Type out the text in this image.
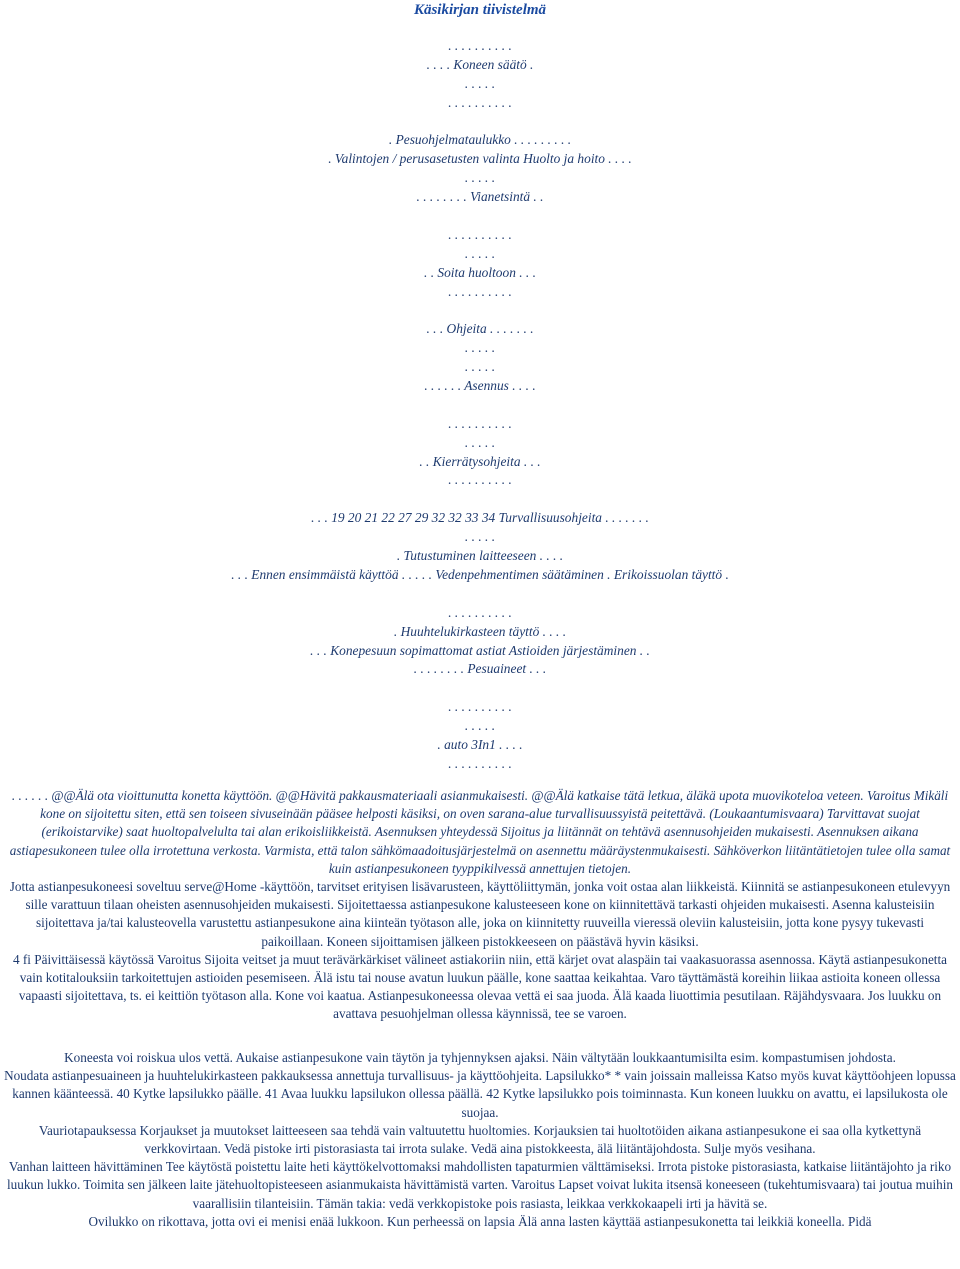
Käsikirjan tiivistelmä
. . . . . . . . . .
. . . . Koneen säätö .
. . . . .
. . . . . . . . . .
. Pesuohjelmataulukko . . . . . . . . .
. Valintojen / perusasetusten valinta Huolto ja hoito . . . .
. . . . .
. . . . . . . . Vianetsintä . .
. . . . . . . . . .
. . . . .
. . Soita huoltoon . . .
. . . . . . . . . .
. . . Ohjeita . . . . . . .
. . . . .
. . . . .
. . . . . . Asennus . . . .
. . . . . . . . . .
. . . . .
. . Kierrätysohjeita . . .
. . . . . . . . . .
. . . 19 20 21 22 27 29 32 32 33 34 Turvallisuusohjeita . . . . . . .
. . . . .
. Tutustuminen laitteeseen . . . .
. . . Ennen ensimmäistä käyttöä . . . . . Vedenpehmentimen säätäminen . Erikoissuolan täyttö .
. . . . . . . . . .
. Huuhtelukirkasteen täyttö . . . .
. . . Konepesuun sopimattomat astiat Astioiden järjestäminen . .
. . . . . . . . Pesuaineet . . .
. . . . . . . . . .
. . . . .
. auto 3In1 . . . .
. . . . . . . . . .

. . . . . . @@Älä ota vioittunutta konetta käyttöön. @@Hävitä pakkausmateriaali asianmukaisesti. @@Älä katkaise tätä letkua, äläkä upota muovikoteloa veteen. Varoitus Mikäli kone on sijoitettu siten, että sen toiseen sivuseinään pääsee helposti käsiksi, on oven sarana-alue turvallisuussyistä peitettävä. (Loukaantumisvaara) Tarvittavat suojat (erikoistarvike) saat huoltopalvelulta tai alan erikoisliikkeistä. Asennuksen yhteydessä Sijoitus ja liitännät on tehtävä asennusohjeiden mukaisesti. Asennuksen aikana astiapesukoneen tulee olla irrotettuna verkosta. Varmista, että talon sähkömaadoitusjärjestelmä on asennettu määräystenmukaisesti. Sähköverkon liitäntätietojen tulee olla samat kuin astianpesukoneen tyyppikilvessä annettujen tietojen.

Jotta astianpesukoneesi soveltuu serve@Home -käyttöön, tarvitset erityisen lisävarusteen, käyttöliittymän, jonka voit ostaa alan liikkeistä. Kiinnitä se astianpesukoneen etulevyyn sille varattuun tilaan oheisten asennusohjeiden mukaisesti. Sijoitettaessa astianpesukone kalusteeseen kone on kiinnitettävä tarkasti ohjeiden mukaisesti. Asenna kalusteisiin sijoitettava ja/tai kalusteovella varustettu astianpesukone aina kiinteän työtason alle, joka on kiinnitetty ruuveilla vieressä oleviin kalusteisiin, jotta kone pysyy tukevasti paikoillaan. Koneen sijoittamisen jälkeen pistokkeeseen on päästävä hyvin käsiksi.

4 fi Päivittäisessä käytössä Varoitus Sijoita veitset ja muut terävärkärkiset välineet astiakoriin niin, että kärjet ovat alaspäin tai vaakasuorassa asennossa. Käytä astianpesukonetta vain kotitalouksiin tarkoitettujen astioiden pesemiseen. Älä istu tai nouse avatun luukun päälle, kone saattaa keikahtaa. Varo täyttämästä koreihin liikaa astioita koneen ollessa vapaasti sijoitettava, ts. ei keittiön työtason alla. Kone voi kaatua. Astianpesukoneessa olevaa vettä ei saa juoda. Älä kaada liuottimia pesutilaan. Räjähdysvaara. Jos luukku on avattava pesuohjelman ollessa käynnissä, tee se varoen.

Koneesta voi roiskua ulos vettä. Aukaise astianpesukone vain täytön ja tyhjennyksen ajaksi. Näin vältytään loukkaantumisilta esim. kompastumisen johdosta.

Noudata astianpesuaineen ja huuhtelukirkasteen pakkauksessa annettuja turvallisuus- ja käyttöohjeita. Lapsilukko* * vain joissain malleissa Katso myös kuvat käyttöohjeen lopussa kannen käänteessä. 40 Kytke lapsilukko päälle. 41 Avaa luukku lapsilukon ollessa päällä. 42 Kytke lapsilukko pois toiminnasta. Kun koneen luukku on avattu, ei lapsilukosta ole suojaa.

Vauriotapauksessa Korjaukset ja muutokset laitteeseen saa tehdä vain valtuutettu huoltomies. Korjauksien tai huoltotöiden aikana astianpesukone ei saa olla kytkettynä verkkovirtaan. Vedä pistoke irti pistorasiasta tai irrota sulake. Vedä aina pistokkeesta, älä liitäntäjohdosta. Sulje myös vesihana.

Vanhan laitteen hävittäminen Tee käytöstä poistettu laite heti käyttökelvottomaksi mahdollisten tapaturmien välttämiseksi. Irrota pistoke pistorasiasta, katkaise liitäntäjohto ja riko luukun lukko. Toimita sen jälkeen laite jätehuoltopisteeseen asianmukaista hävittämistä varten. Varoitus Lapset voivat lukita itsensä koneeseen (tukehtumisvaara) tai joutua muihin vaarallisiin tilanteisiin. Tämän takia: vedä verkkopistoke pois rasiasta, leikkaa verkkokaapeli irti ja hävitä se.

Ovilukko on rikottava, jotta ovi ei menisi enää lukkoon. Kun perheessä on lapsia Älä anna lasten käyttää astianpesukonetta tai leikkiä koneella. Pidä
